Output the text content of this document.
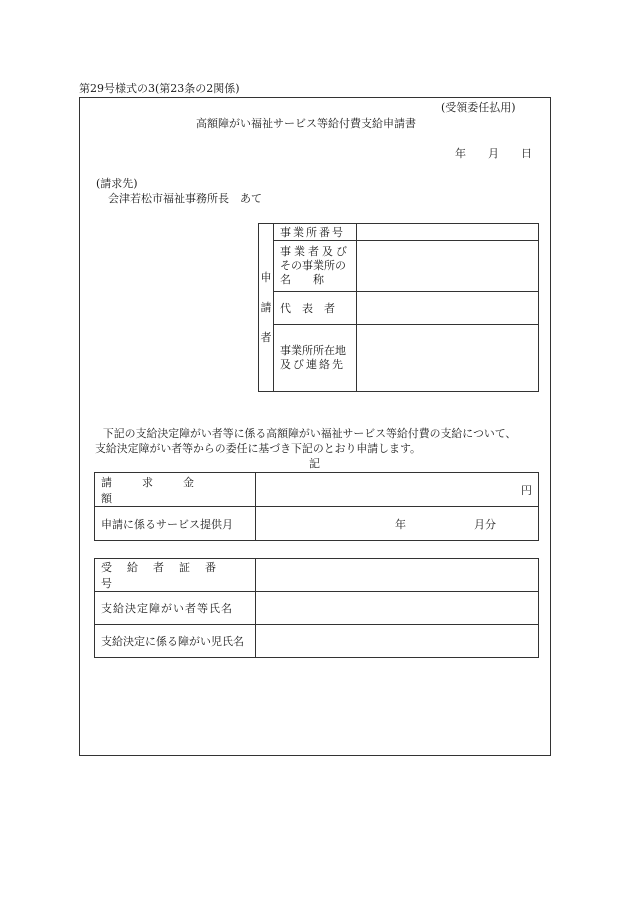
第29号様式の3(第23条の2関係)
(受領委任払用)
高額障がい福祉サービス等給付費支給申請書
年 月 日
(請求先)
会津若松市福祉事務所長　あて
申
請
者	事業所番号	

	事業者及び
その事業所の
名　　称	

	代　表　者	

	事業所所在地
及び連絡先	

　下記の支給決定障がい者等に係る高額障がい福祉サービス等給付費の支給について、
支給決定障がい者等からの委任に基づき下記のとおり申請します。
記
請求金額	円

申請に係るサービス提供月	年 月分
受給者証番号	

支給決定障がい者等氏名	

支給決定に係る障がい児氏名	
